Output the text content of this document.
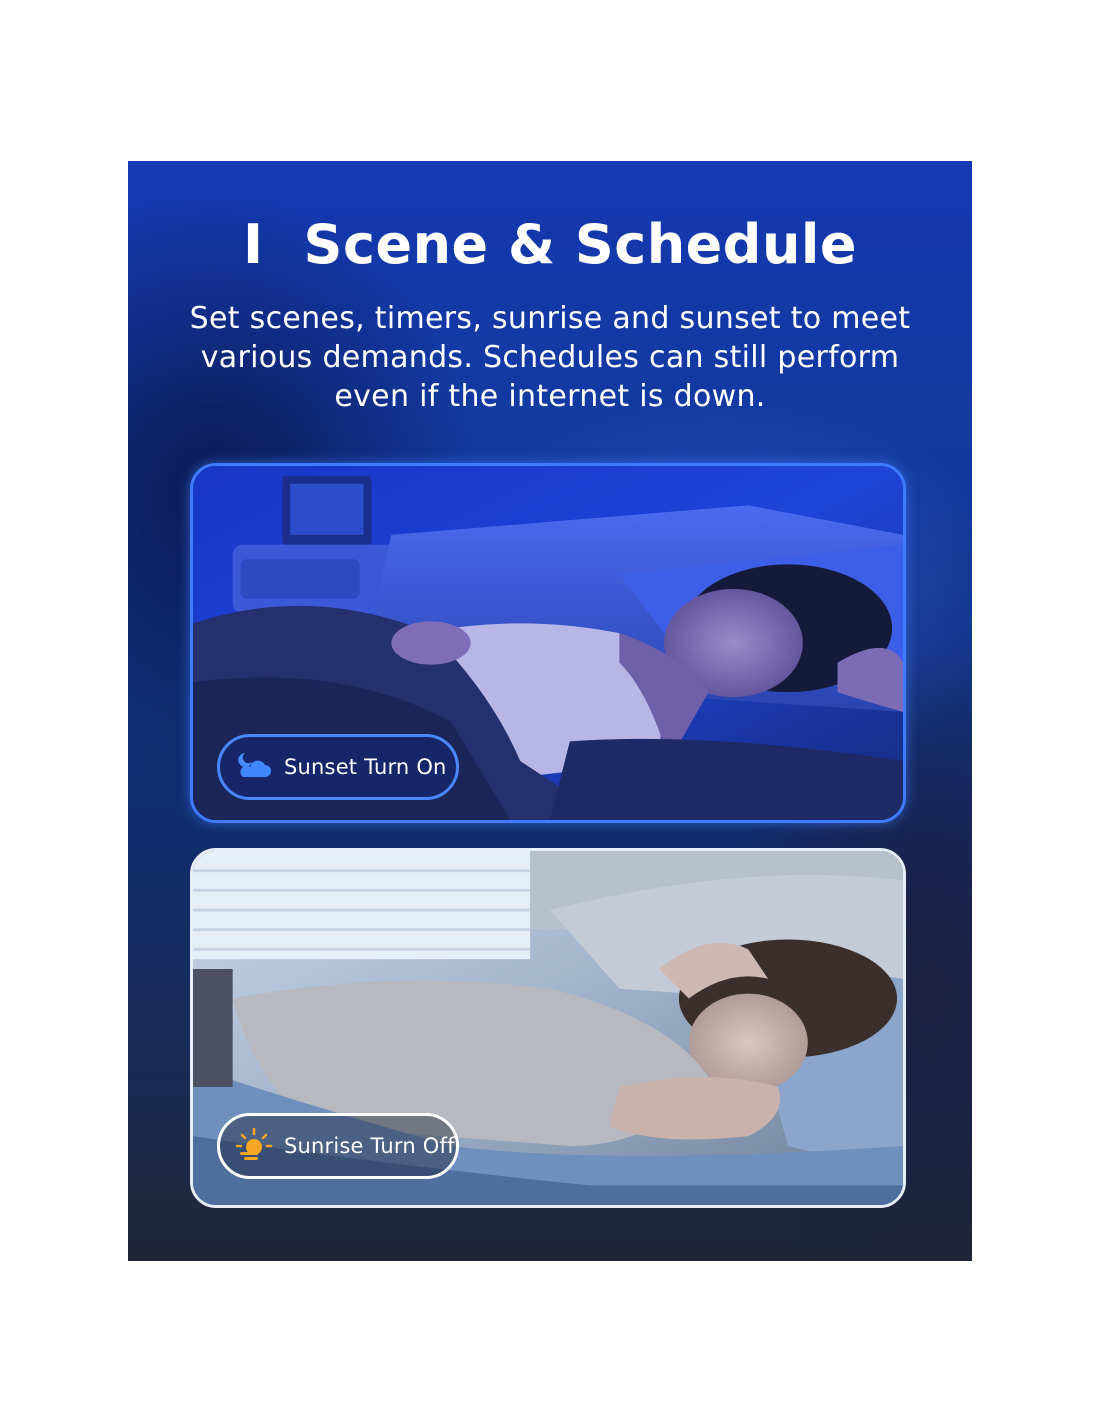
I Scene & Schedule
Set scenes, timers, sunrise and sunset to meet various demands. Schedules can still perform even if the internet is down.
Sunset Turn On
Sunrise Turn Off
